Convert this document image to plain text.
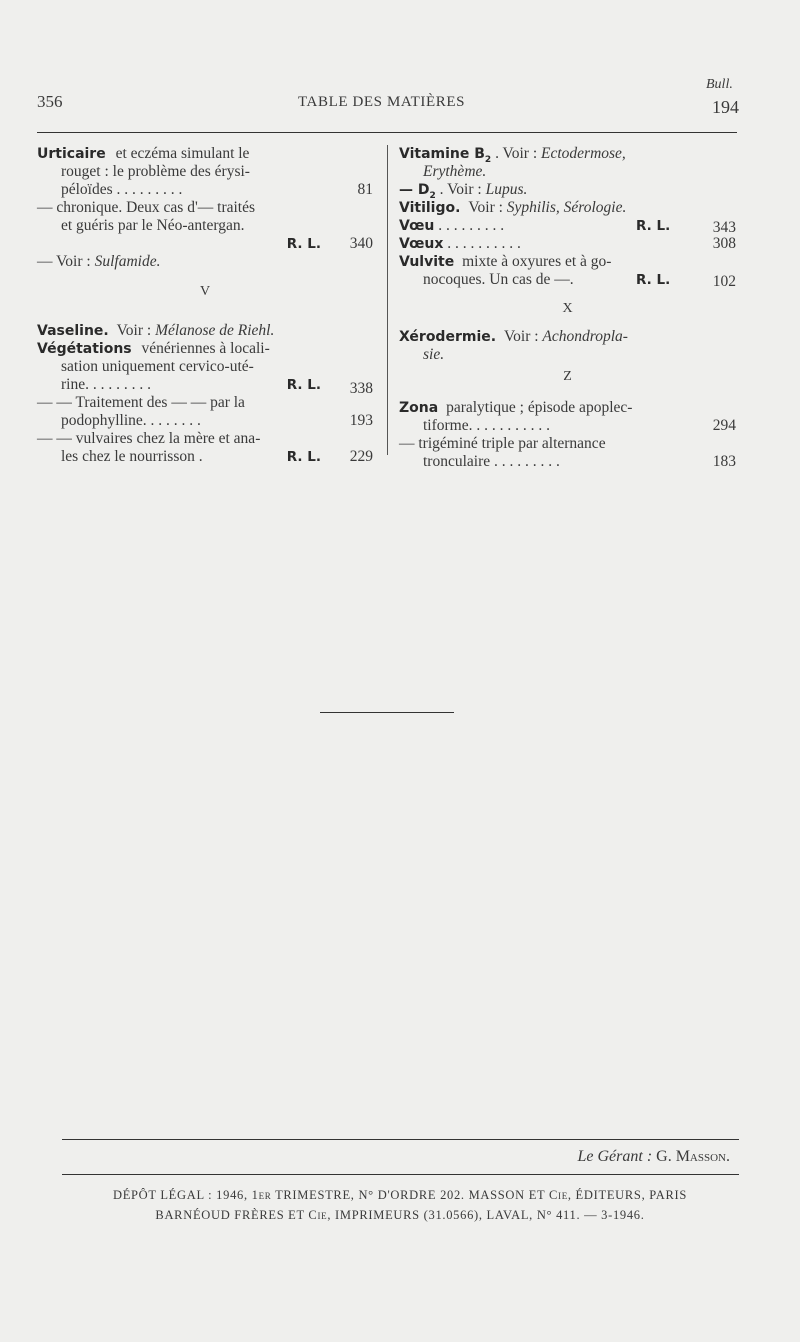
356	TABLE DES MATIÈRES
Bull.
194
Urticaire et eczéma simulant le
rouget : le problème des érysi-
péloïdes . . . . . . . . .	81
— chronique. Deux cas d'— traités
et guéris par le Néo-antergan.
R. L.	340
— Voir : Sulfamide.
V
Vaseline. Voir : Mélanose de Riehl.
Végétations vénériennes à locali-
sation uniquement cervico-uté-
rine. . . . . . . . .	R. L.	338
— — Traitement des — — par la
podophylline. . . . . . . .	193
— — vulvaires chez la mère et ana-
les chez le nourrisson .	R. L.	229
Vitamine $B_2$ . Voir : Ectodermose,
Erythème.
— $D_2$ . Voir : Lupus.
Vitiligo. Voir : Syphilis, Sérologie.
Vœu . . . . . . . . .	R. L.	343
Vœux . . . . . . . . . .	308
Vulvite mixte à oxyures et à go-
nocoques. Un cas de —.	R. L.	102
X
Xérodermie. Voir : Achondropla-
sie.
Z
Zona paralytique ; épisode apoplec-
tiforme. . . . . . . . . . .	294
— trigéminé triple par alternance
tronculaire . . . . . . . . .	183
Le Gérant : G. Masson.
DÉPÔT LÉGAL : 1946, 1er TRIMESTRE, N° D'ORDRE 202. MASSON ET Cie, ÉDITEURS, PARIS
BARNÉOUD FRÈRES ET Cie, IMPRIMEURS (31.0566), LAVAL, N° 411. — 3-1946.
